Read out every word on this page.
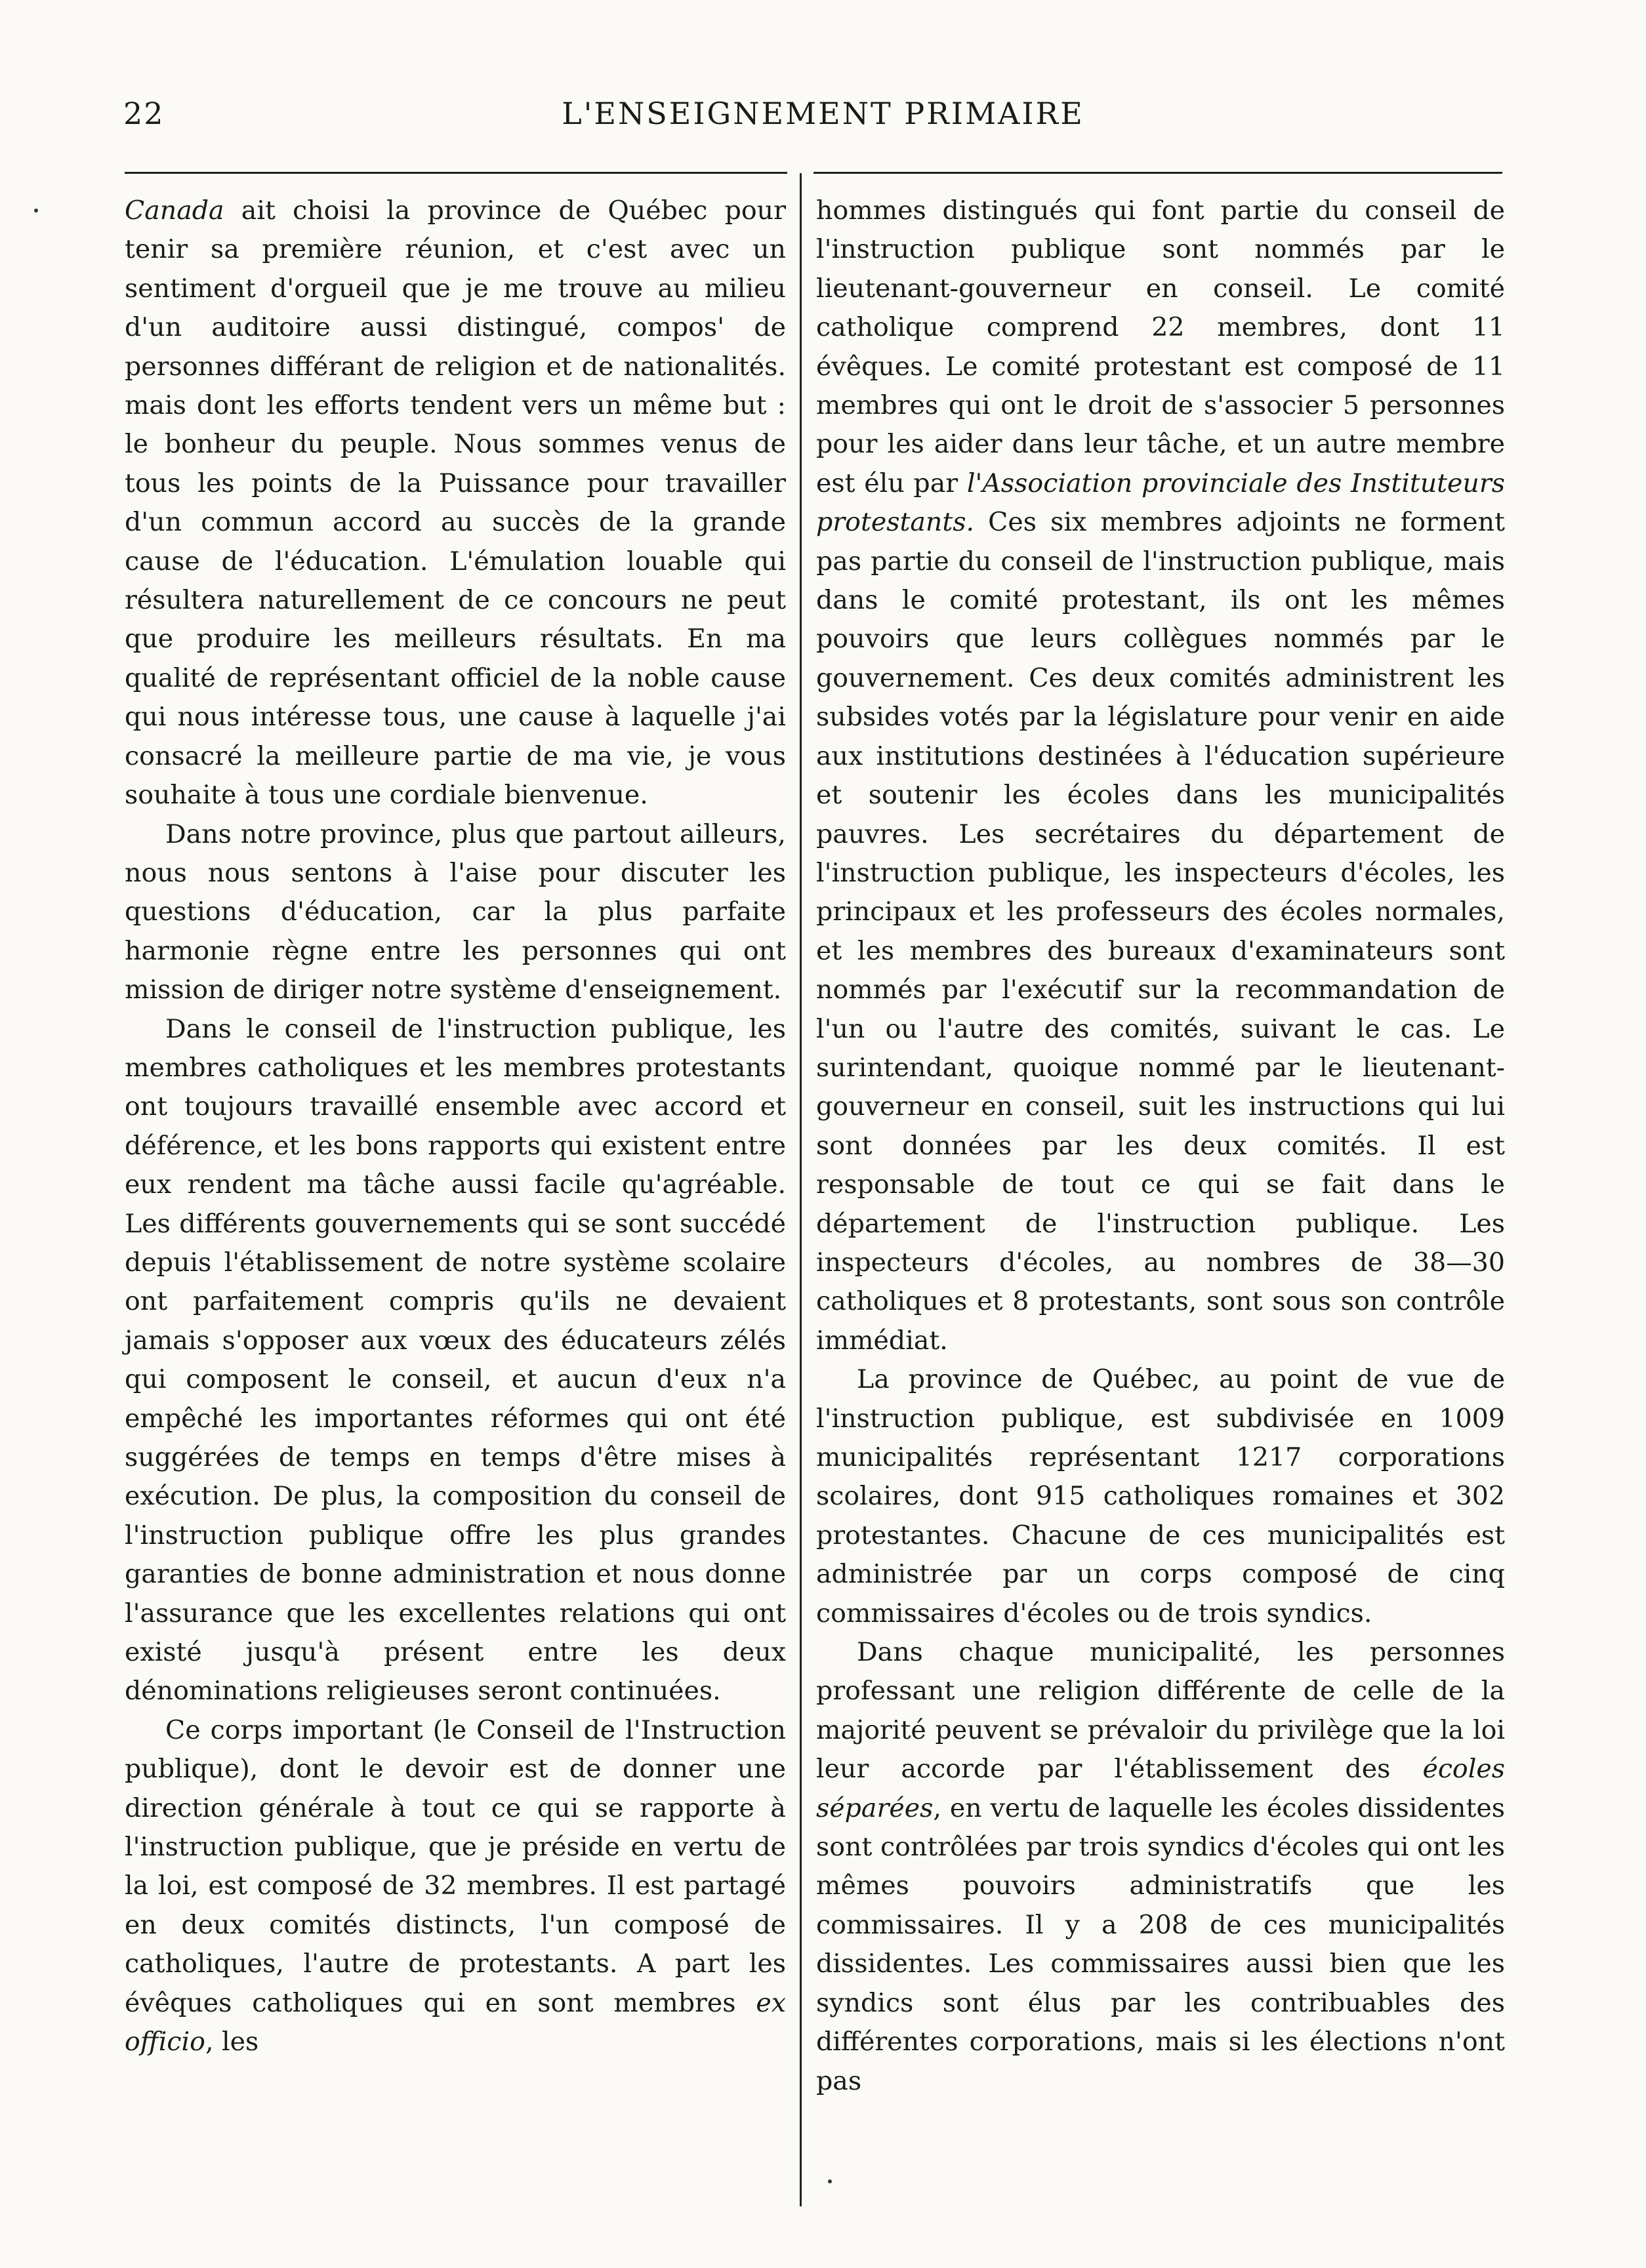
22	L'ENSEIGNEMENT PRIMAIRE

Canada ait choisi la province de Québec pour tenir sa première réunion, et c'est avec un sentiment d'orgueil que je me trouve au milieu d'un auditoire aussi distingué, compos' de personnes différant de religion et de nationalités. mais dont les efforts tendent vers un même but : le bonheur du peuple. Nous sommes venus de tous les points de la Puissance pour travailler d'un commun accord au succès de la grande cause de l'éducation. L'émulation louable qui résultera naturellement de ce concours ne peut que produire les meilleurs résultats. En ma qualité de représentant officiel de la noble cause qui nous intéresse tous, une cause à laquelle j'ai consacré la meilleure partie de ma vie, je vous souhaite à tous une cordiale bienvenue.

Dans notre province, plus que partout ailleurs, nous nous sentons à l'aise pour discuter les questions d'éducation, car la plus parfaite harmonie règne entre les personnes qui ont mission de diriger notre système d'enseignement.

Dans le conseil de l'instruction publique, les membres catholiques et les membres protestants ont toujours travaillé ensemble avec accord et déférence, et les bons rapports qui existent entre eux rendent ma tâche aussi facile qu'agréable. Les différents gouvernements qui se sont succédé depuis l'établissement de notre système scolaire ont parfaitement compris qu'ils ne devaient jamais s'opposer aux vœux des éducateurs zélés qui composent le conseil, et aucun d'eux n'a empêché les importantes réformes qui ont été suggérées de temps en temps d'être mises à exécution. De plus, la composition du conseil de l'instruction publique offre les plus grandes garanties de bonne administration et nous donne l'assurance que les excellentes relations qui ont existé jusqu'à présent entre les deux dénominations religieuses seront continuées.

Ce corps important (le Conseil de l'Instruction publique), dont le devoir est de donner une direction générale à tout ce qui se rapporte à l'instruction publique, que je préside en vertu de la loi, est composé de 32 membres. Il est partagé en deux comités distincts, l'un composé de catholiques, l'autre de protestants. A part les évêques catholiques qui en sont membres ex officio, les

hommes distingués qui font partie du conseil de l'instruction publique sont nommés par le lieutenant-gouverneur en conseil. Le comité catholique comprend 22 membres, dont 11 évêques. Le comité protestant est composé de 11 membres qui ont le droit de s'associer 5 personnes pour les aider dans leur tâche, et un autre membre est élu par l'Association provinciale des Instituteurs protestants. Ces six membres adjoints ne forment pas partie du conseil de l'instruction publique, mais dans le comité protestant, ils ont les mêmes pouvoirs que leurs collègues nommés par le gouvernement. Ces deux comités administrent les subsides votés par la législature pour venir en aide aux institutions destinées à l'éducation supérieure et soutenir les écoles dans les municipalités pauvres. Les secrétaires du département de l'instruction publique, les inspecteurs d'écoles, les principaux et les professeurs des écoles normales, et les membres des bureaux d'examinateurs sont nommés par l'exécutif sur la recommandation de l'un ou l'autre des comités, suivant le cas. Le surintendant, quoique nommé par le lieutenant-gouverneur en conseil, suit les instructions qui lui sont données par les deux comités. Il est responsable de tout ce qui se fait dans le département de l'instruction publique. Les inspecteurs d'écoles, au nombres de 38—30 catholiques et 8 protestants, sont sous son contrôle immédiat.

La province de Québec, au point de vue de l'instruction publique, est subdivisée en 1009 municipalités représentant 1217 corporations scolaires, dont 915 catholiques romaines et 302 protestantes. Chacune de ces municipalités est administrée par un corps composé de cinq commissaires d'écoles ou de trois syndics.

Dans chaque municipalité, les personnes professant une religion différente de celle de la majorité peuvent se prévaloir du privilège que la loi leur accorde par l'établissement des écoles séparées, en vertu de laquelle les écoles dissidentes sont contrôlées par trois syndics d'écoles qui ont les mêmes pouvoirs administratifs que les commissaires. Il y a 208 de ces municipalités dissidentes. Les commissaires aussi bien que les syndics sont élus par les contribuables des différentes corporations, mais si les élections n'ont pas
